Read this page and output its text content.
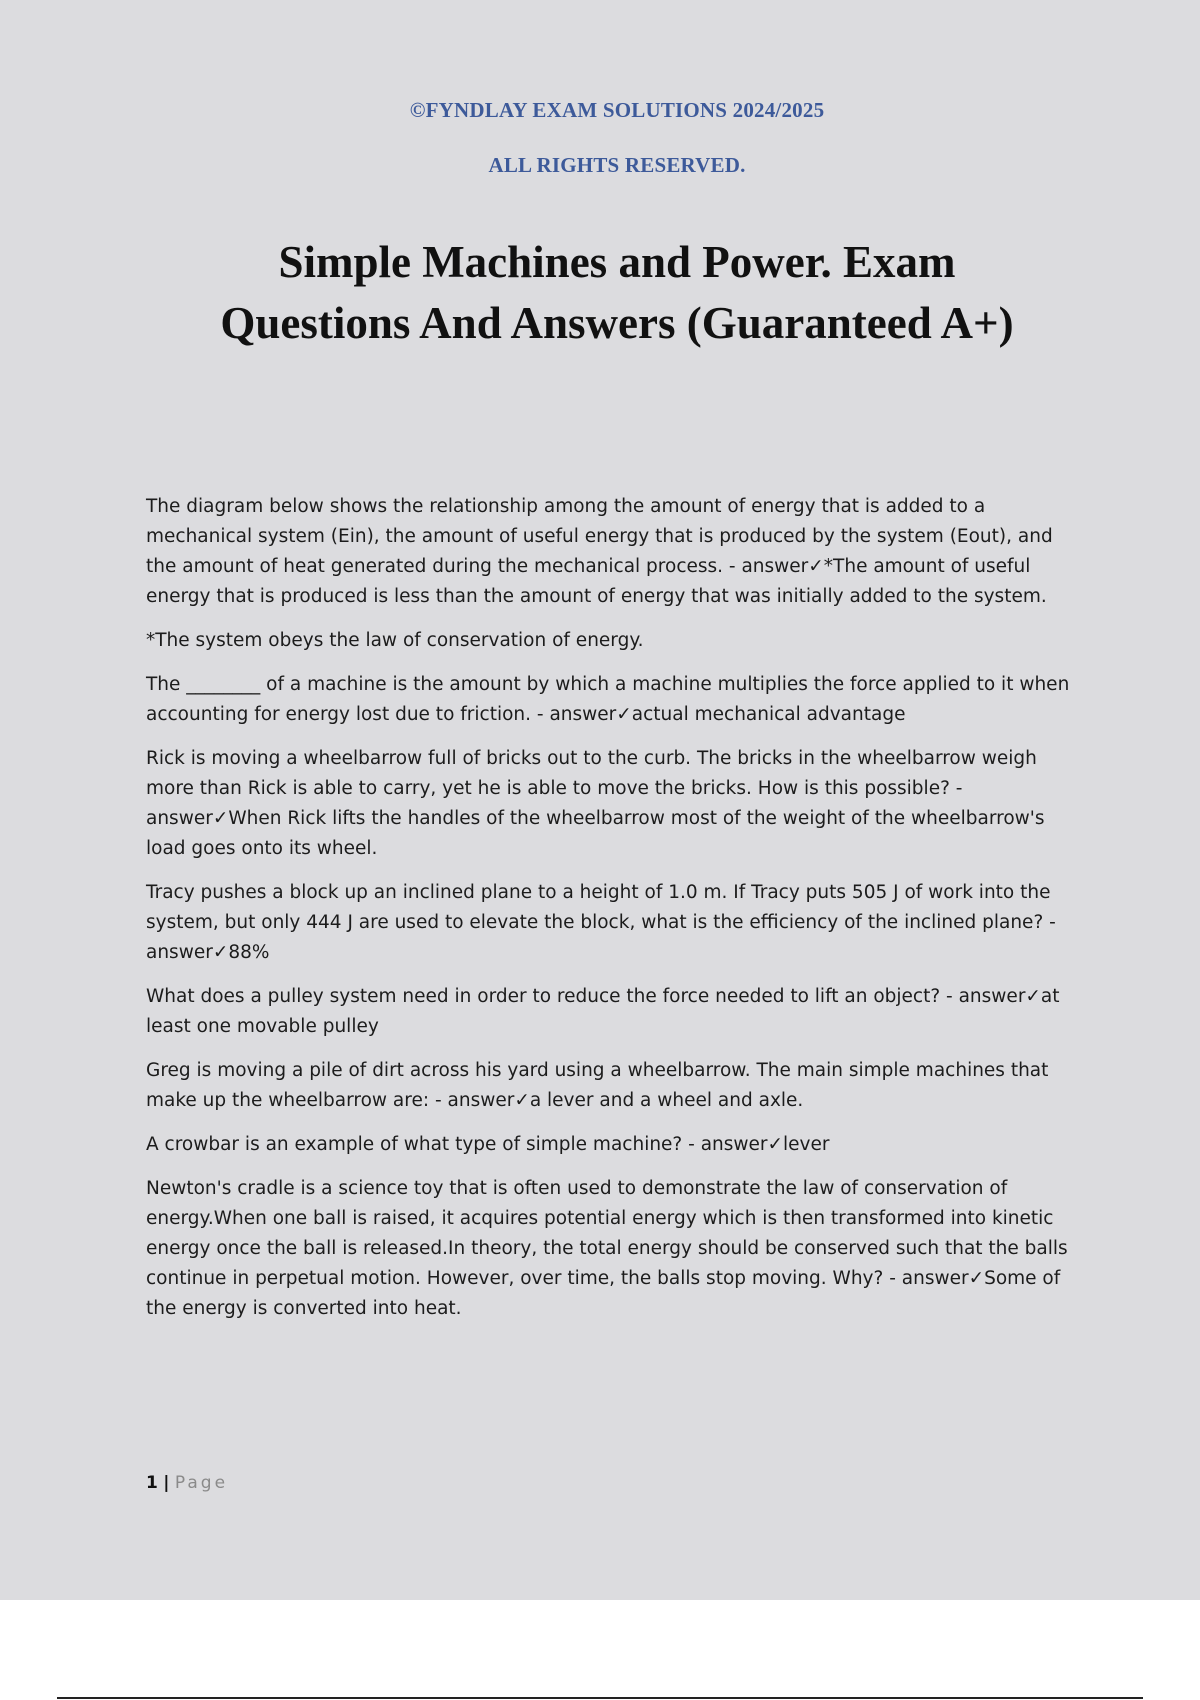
©FYNDLAY EXAM SOLUTIONS 2024/2025
ALL RIGHTS RESERVED.
Simple Machines and Power. Exam
Questions And Answers (Guaranteed A+)

The diagram below shows the relationship among the amount of energy that is added to a mechanical system (Ein), the amount of useful energy that is produced by the system (Eout), and the amount of heat generated during the mechanical process. - answer✓*The amount of useful energy that is produced is less than the amount of energy that was initially added to the system.

*The system obeys the law of conservation of energy.

The ________ of a machine is the amount by which a machine multiplies the force applied to it when accounting for energy lost due to friction. - answer✓actual mechanical advantage

Rick is moving a wheelbarrow full of bricks out to the curb. The bricks in the wheelbarrow weigh more than Rick is able to carry, yet he is able to move the bricks. How is this possible? - answer✓When Rick lifts the handles of the wheelbarrow most of the weight of the wheelbarrow's load goes onto its wheel.

Tracy pushes a block up an inclined plane to a height of 1.0 m. If Tracy puts 505 J of work into the system, but only 444 J are used to elevate the block, what is the efficiency of the inclined plane? - answer✓88%

What does a pulley system need in order to reduce the force needed to lift an object? - answer✓at least one movable pulley

Greg is moving a pile of dirt across his yard using a wheelbarrow. The main simple machines that make up the wheelbarrow are: - answer✓a lever and a wheel and axle.

A crowbar is an example of what type of simple machine? - answer✓lever

Newton's cradle is a science toy that is often used to demonstrate the law of conservation of energy.When one ball is raised, it acquires potential energy which is then transformed into kinetic energy once the ball is released.In theory, the total energy should be conserved such that the balls continue in perpetual motion. However, over time, the balls stop moving. Why? - answer✓Some of the energy is converted into heat.

1 | Page
